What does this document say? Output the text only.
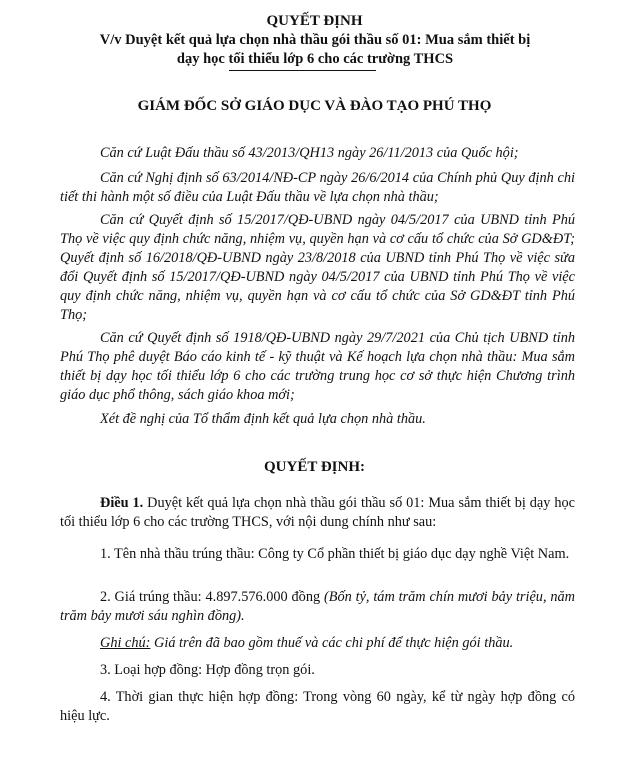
QUYẾT ĐỊNH
V/v Duyệt kết quả lựa chọn nhà thầu gói thầu số 01: Mua sắm thiết bị
dạy học tối thiểu lớp 6 cho các trường THCS
GIÁM ĐỐC SỞ GIÁO DỤC VÀ ĐÀO TẠO PHÚ THỌ

Căn cứ Luật Đấu thầu số 43/2013/QH13 ngày 26/11/2013 của Quốc hội;

Căn cứ Nghị định số 63/2014/NĐ-CP ngày 26/6/2014 của Chính phủ Quy định chi tiết thi hành một số điều của Luật Đấu thầu về lựa chọn nhà thầu;

Căn cứ Quyết định số 15/2017/QĐ-UBND ngày 04/5/2017 của UBND tỉnh Phú Thọ về việc quy định chức năng, nhiệm vụ, quyền hạn và cơ cấu tổ chức của Sở GD&ĐT; Quyết định số 16/2018/QĐ-UBND ngày 23/8/2018 của UBND tỉnh Phú Thọ về việc sửa đổi Quyết định số 15/2017/QĐ-UBND ngày 04/5/2017 của UBND tỉnh Phú Thọ về việc quy định chức năng, nhiệm vụ, quyền hạn và cơ cấu tổ chức của Sở GD&ĐT tỉnh Phú Thọ;

Căn cứ Quyết định số 1918/QĐ-UBND ngày 29/7/2021 của Chủ tịch UBND tỉnh Phú Thọ phê duyệt Báo cáo kinh tế - kỹ thuật và Kế hoạch lựa chọn nhà thầu: Mua sắm thiết bị dạy học tối thiểu lớp 6 cho các trường trung học cơ sở thực hiện Chương trình giáo dục phổ thông, sách giáo khoa mới;

Xét đề nghị của Tổ thẩm định kết quả lựa chọn nhà thầu.

QUYẾT ĐỊNH:

Điều 1. Duyệt kết quả lựa chọn nhà thầu gói thầu số 01: Mua sắm thiết bị dạy học tối thiểu lớp 6 cho các trường THCS, với nội dung chính như sau:

1. Tên nhà thầu trúng thầu: Công ty Cổ phần thiết bị giáo dục dạy nghề Việt Nam.

2. Giá trúng thầu: 4.897.576.000 đồng (Bốn tỷ, tám trăm chín mươi bảy triệu, năm trăm bảy mươi sáu nghìn đồng).

Ghi chú: Giá trên đã bao gồm thuế và các chi phí để thực hiện gói thầu.

3. Loại hợp đồng: Hợp đồng trọn gói.

4. Thời gian thực hiện hợp đồng: Trong vòng 60 ngày, kể từ ngày hợp đồng có hiệu lực.
